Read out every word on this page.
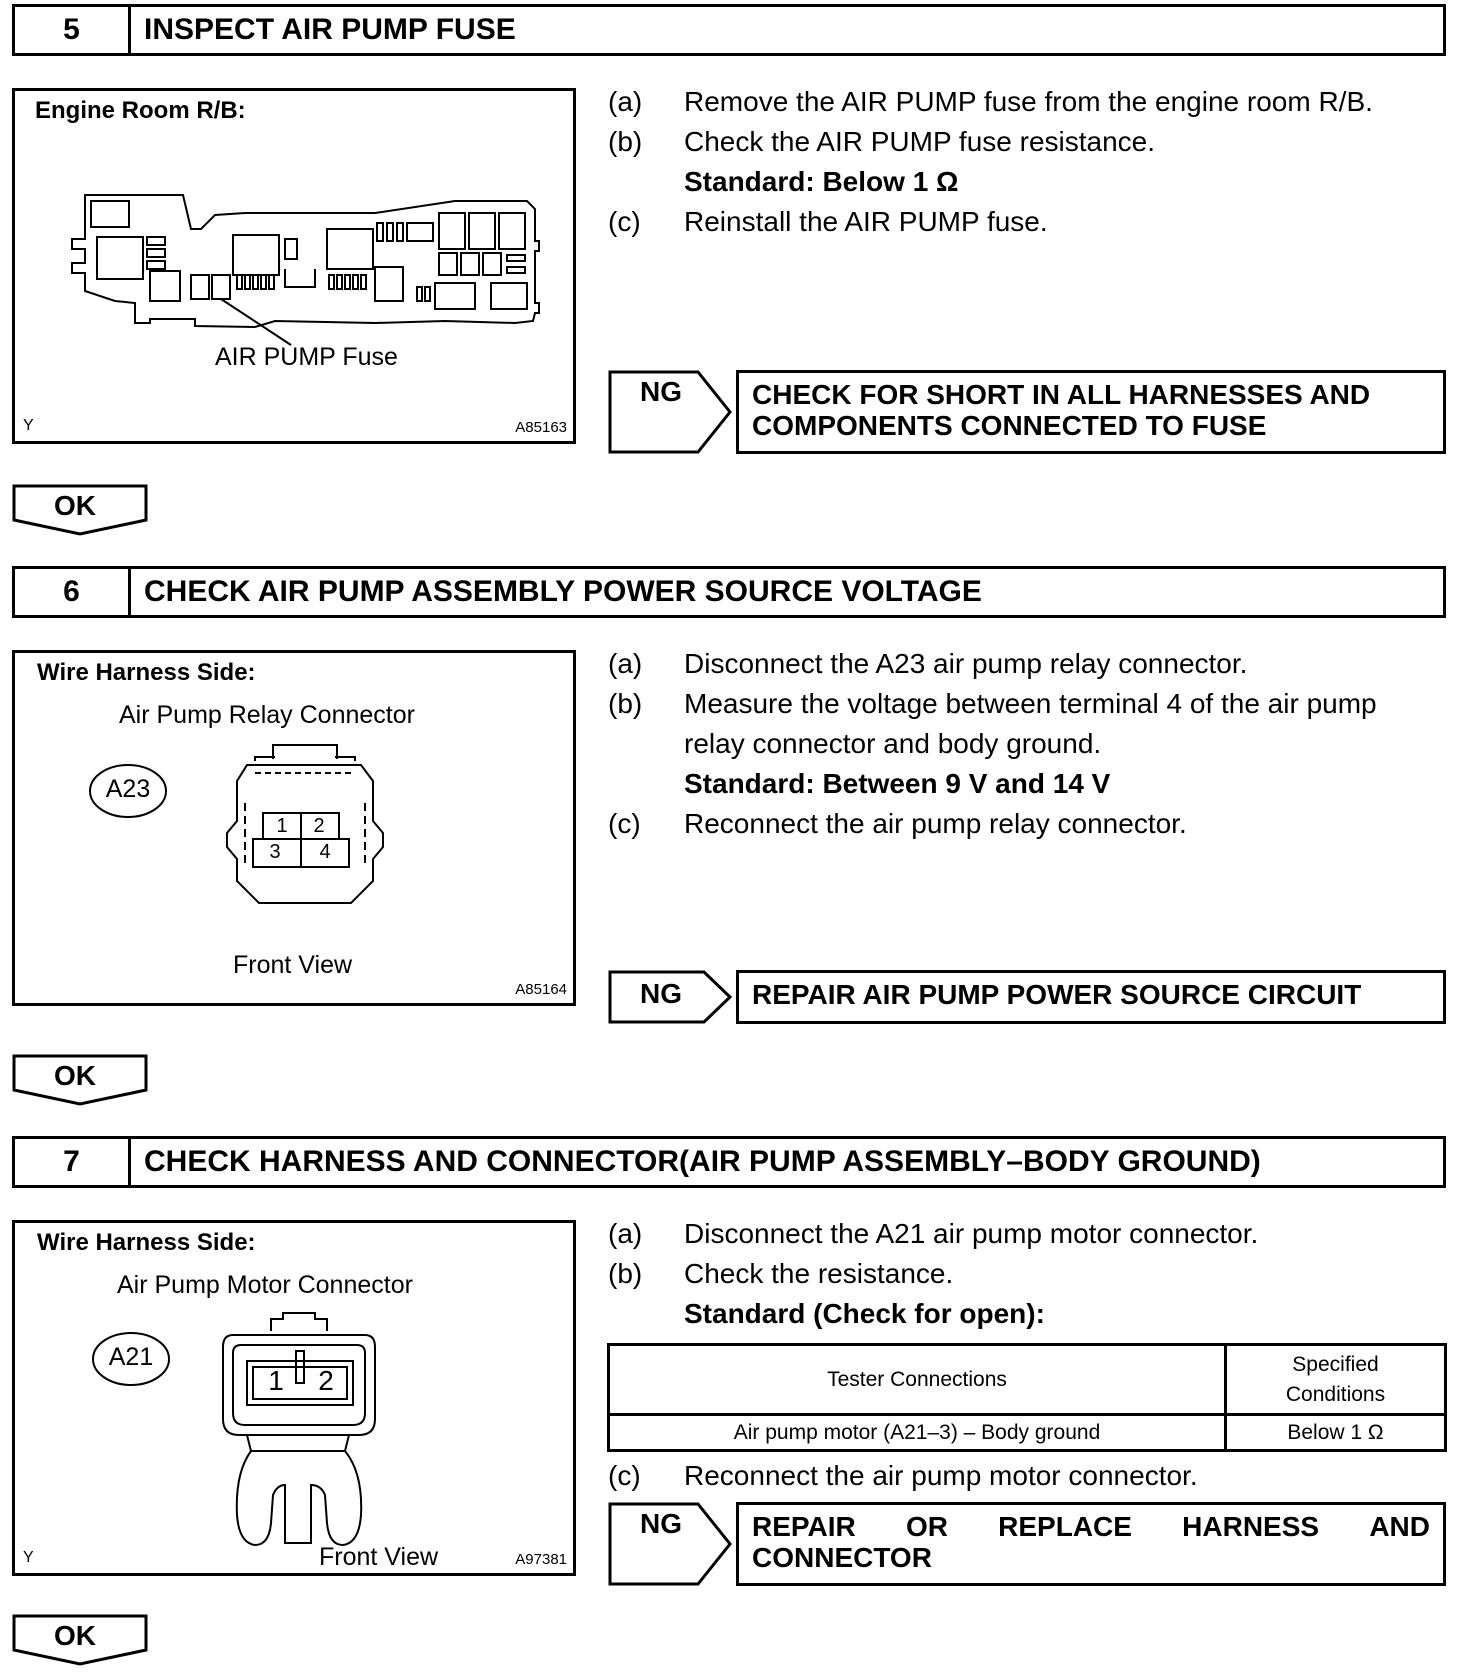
5	INSPECT AIR PUMP FUSE
Engine Room R/B:
AIR PUMP Fuse
Y	A85163
(a) Remove the AIR PUMP fuse from the engine room R/B.
(b) Check the AIR PUMP fuse resistance.
Standard: Below 1 Ω
(c) Reinstall the AIR PUMP fuse.
NG	CHECK FOR SHORT IN ALL HARNESSES AND
COMPONENTS CONNECTED TO FUSE
OK
6	CHECK AIR PUMP ASSEMBLY POWER SOURCE VOLTAGE
Wire Harness Side:
Air Pump Relay Connector
A23
1	2
3	4
Front View
A85164
(a) Disconnect the A23 air pump relay connector.
(b) Measure the voltage between terminal 4 of the air pump
relay connector and body ground.
Standard: Between 9 V and 14 V
(c) Reconnect the air pump relay connector.
NG	REPAIR AIR PUMP POWER SOURCE CIRCUIT
OK
7	CHECK HARNESS AND CONNECTOR(AIR PUMP ASSEMBLY–BODY GROUND)
Wire Harness Side:
Air Pump Motor Connector
A21
1 2
Y	Front View	A97381
(a) Disconnect the A21 air pump motor connector.
(b) Check the resistance.
Standard (Check for open):
Tester Connections	Specified
Conditions

Air pump motor (A21–3) – Body ground	Below 1 Ω
(c) Reconnect the air pump motor connector.
NG	REPAIR OR REPLACE HARNESS AND
CONNECTOR
OK
